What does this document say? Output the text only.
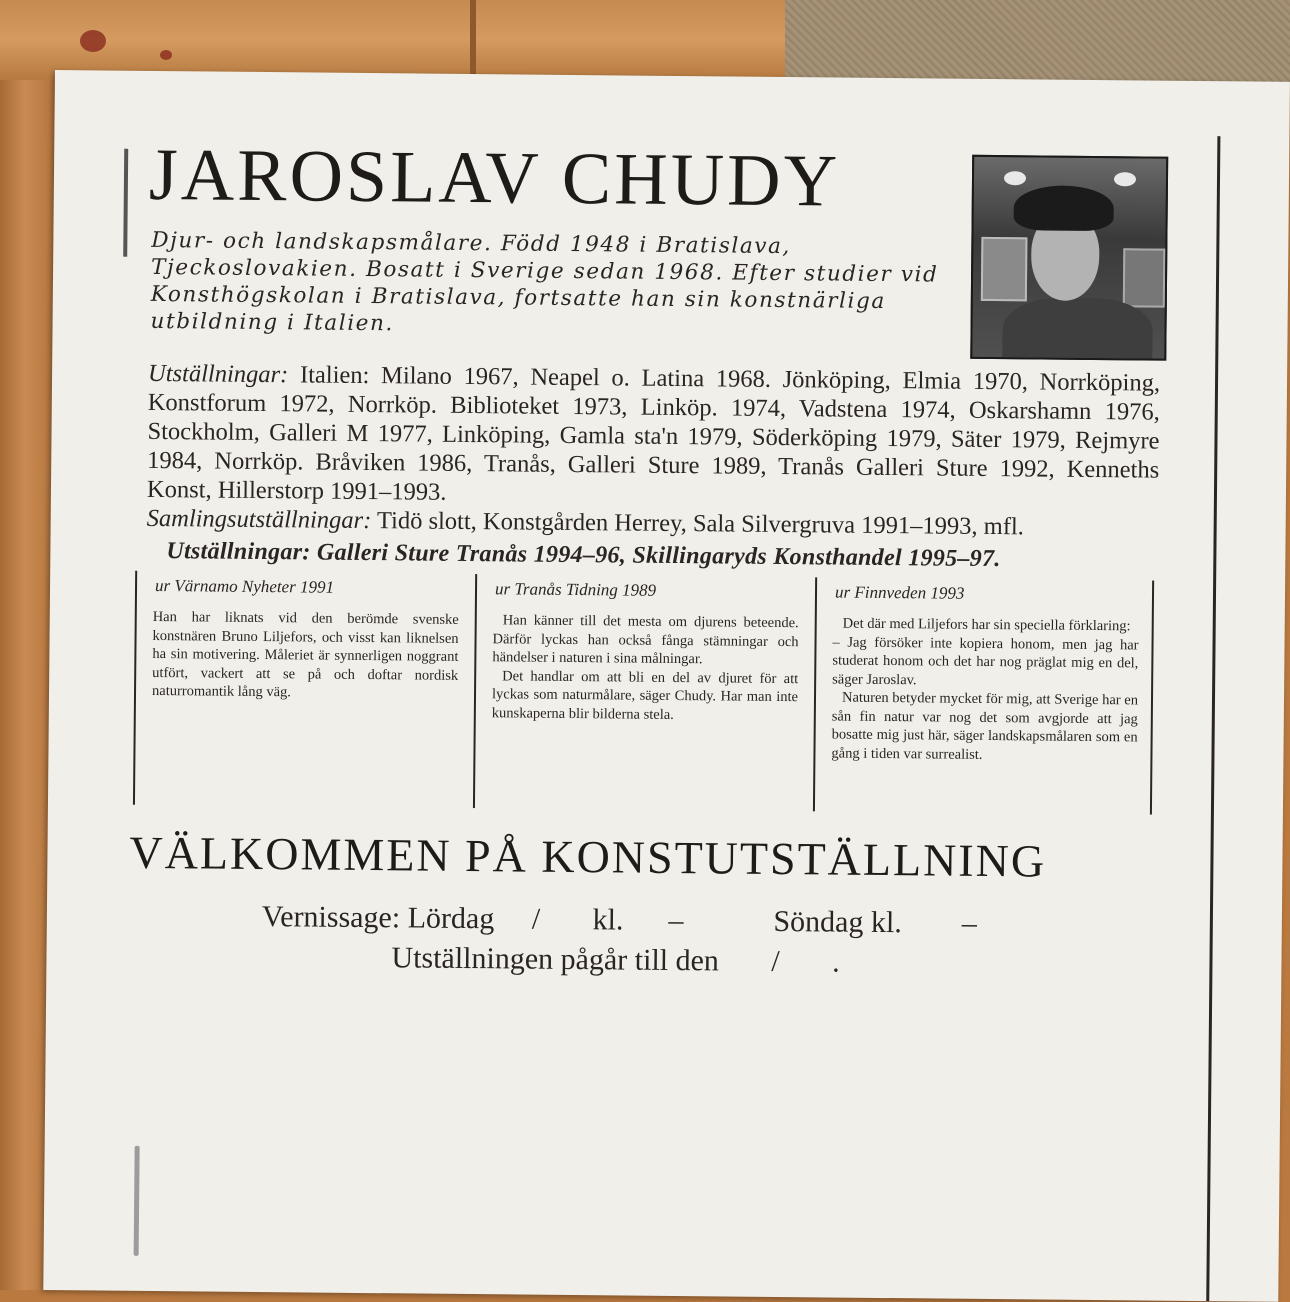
JAROSLAV CHUDY

Djur- och landskapsmålare. Född 1948 i Bratislava, Tjeckoslovakien. Bosatt i Sverige sedan 1968. Efter studier vid Konsthögskolan i Bratislava, fortsatte han sin konstnärliga utbildning i Italien.

Utställningar: Italien: Milano 1967, Neapel o. Latina 1968. Jönköping, Elmia 1970, Norrköping, Konstforum 1972, Norrköp. Biblioteket 1973, Linköp. 1974, Vadstena 1974, Oskarshamn 1976, Stockholm, Galleri M 1977, Linköping, Gamla sta'n 1979, Söderköping 1979, Säter 1979, Rejmyre 1984, Norrköp. Bråviken 1986, Tranås, Galleri Sture 1989, Tranås Galleri Sture 1992, Kenneths Konst, Hillerstorp 1991–1993.
Samlingsutställningar: Tidö slott, Konstgården Herrey, Sala Silvergruva 1991–1993, mfl.

Utställningar: Galleri Sture Tranås 1994–96, Skillingaryds Konsthandel 1995–97.

ur Värnamo Nyheter 1991

Han har liknats vid den berömde svenske konstnären Bruno Liljefors, och visst kan liknelsen ha sin motivering. Måleriet är synnerligen noggrant utfört, vackert att se på och doftar nordisk naturromantik lång väg.

ur Tranås Tidning 1989

Han känner till det mesta om djurens beteende. Därför lyckas han också fånga stämningar och händelser i naturen i sina målningar.

Det handlar om att bli en del av djuret för att lyckas som naturmålare, säger Chudy. Har man inte kunskaperna blir bilderna stela.

ur Finnveden 1993

Det där med Liljefors har sin speciella förklaring:

– Jag försöker inte kopiera honom, men jag har studerat honom och det har nog präglat mig en del, säger Jaroslav.

Naturen betyder mycket för mig, att Sverige har en sån fin natur var nog det som avgjorde att jag bosatte mig just här, säger landskapsmålaren som en gång i tiden var surrealist.

VÄLKOMMEN PÅ KONSTUTSTÄLLNING

Vernissage: Lördag     /       kl.      –            Söndag kl.        –

Utställningen pågår till den       /       .
